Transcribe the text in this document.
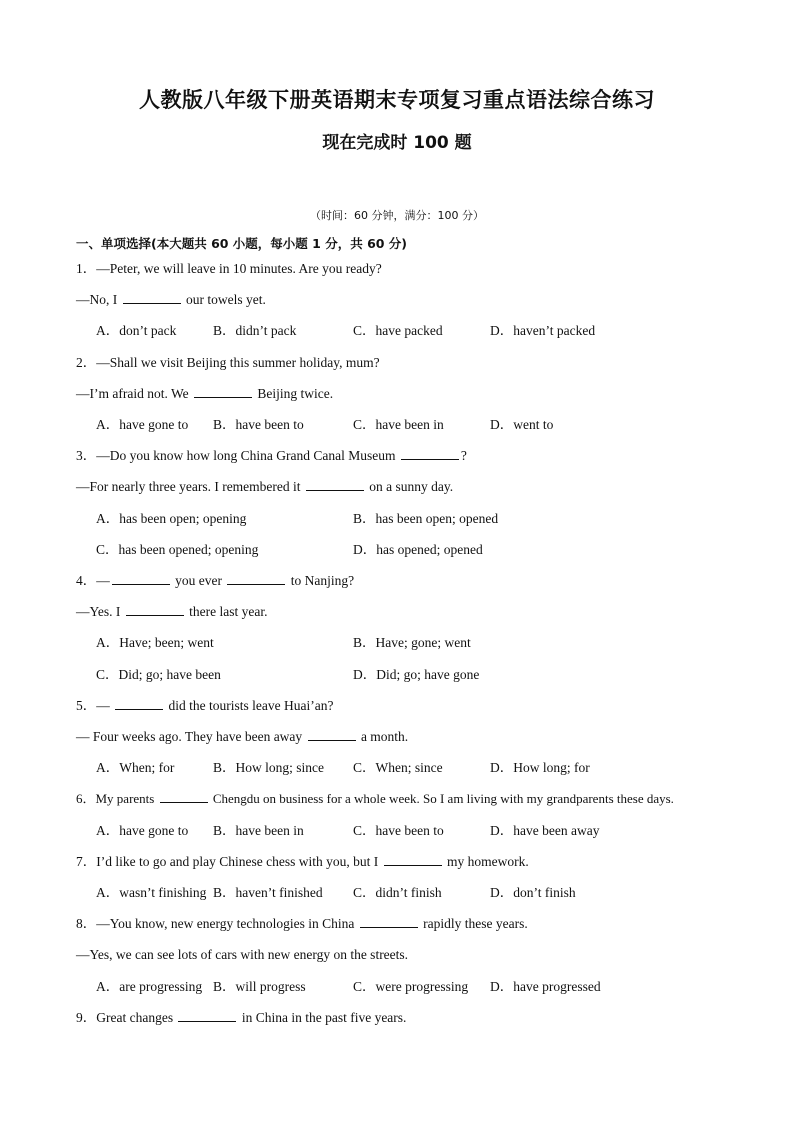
人教版八年级下册英语期末专项复习重点语法综合练习
现在完成时 100 题
（时间：60 分钟，满分：100 分）
一、单项选择(本大题共 60 小题，每小题 1 分，共 60 分)
1．—Peter, we will leave in 10 minutes. Are you ready?
—No, I	our towels yet.
A．don’t pack	B．didn’t pack	C．have packed	D．haven’t packed
2．—Shall we visit Beijing this summer holiday, mum?
—I’m afraid not. We	Beijing twice.
A．have gone to B．have been to	C．have been in	D．went to
3．—Do you know how long China Grand Canal Museum	?
—For nearly three years. I remembered it	on a sunny day.
A．has been open; opening	B．has been open; opened
C．has been opened; opening	D．has opened; opened
4．—	you ever	to Nanjing?
—Yes. I	there last year.
A．Have; been; went	B．Have; gone; went
C．Did; go; have been	D．Did; go; have gone
5．—	did the tourists leave Huai’an?
— Four weeks ago. They have been away	a month.
A．When; for	B．How long; since C．When; since	D．How long; for
6．My parents	Chengdu on business for a whole week. So I am living with my grandparents these days.
A．have gone to B．have been in	C．have been to	D．have been away
7．I’d like to go and play Chinese chess with you, but I	my homework.
A．wasn’t finishing B．haven’t finished C．didn’t finish	D．don’t finish
8．—You know, new energy technologies in China	rapidly these years.
—Yes, we can see lots of cars with new energy on the streets.
A．are progressing B．will progress	C．were progressing D．have progressed
9．Great changes	in China in the past five years.
